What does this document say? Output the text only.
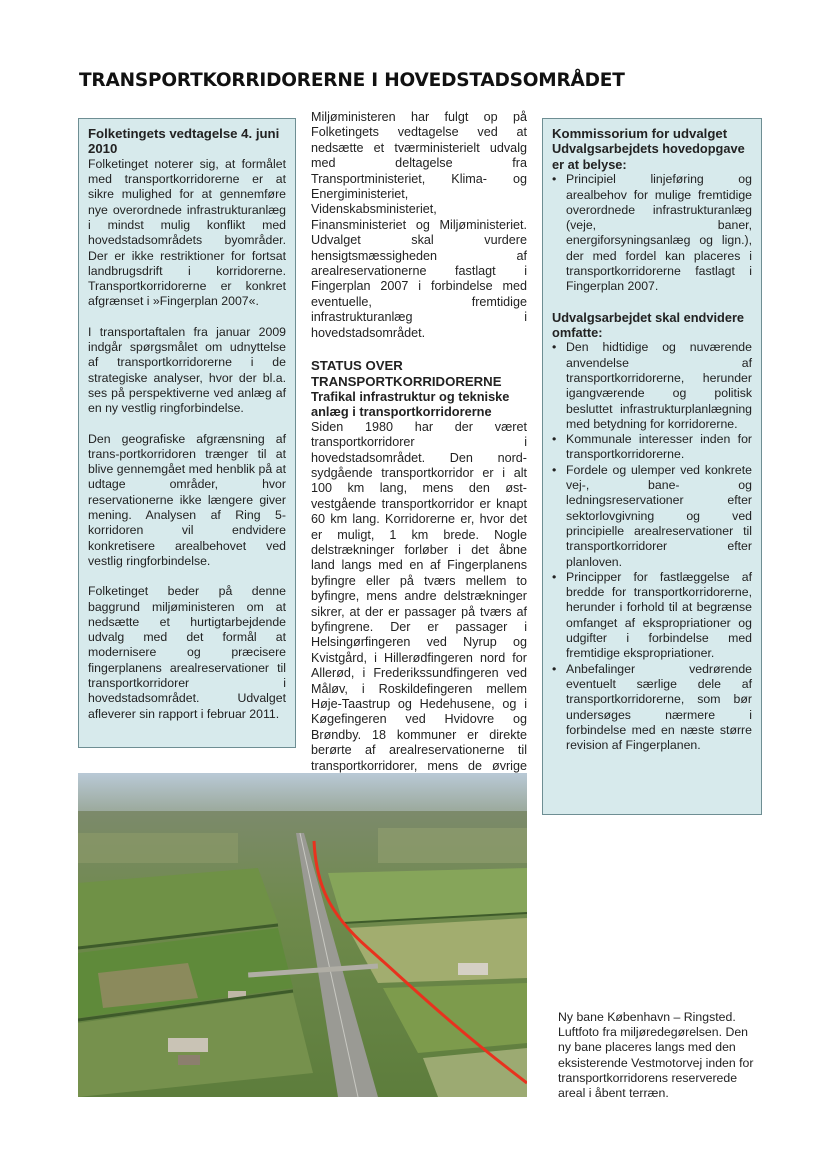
TRANSPORTKORRIDORERNE I HOVEDSTADSOMRÅDET

Folketingets vedtagelse 4. juni 2010

Folketinget noterer sig, at formålet med transportkorridorerne er at sikre mulighed for at gennemføre nye overordnede infrastrukturanlæg i mindst mulig konflikt med hovedstadsområdets byområder. Der er ikke restriktioner for fortsat landbrugsdrift i korridorerne. Transportkorridorerne er konkret afgrænset i »Fingerplan 2007«.

I transportaftalen fra januar 2009 indgår spørgsmålet om udnyttelse af transportkorridorerne i de strategiske analyser, hvor der bl.a. ses på perspektiverne ved anlæg af en ny vestlig ringforbindelse.

Den geografiske afgrænsning af trans-portkorridoren trænger til at blive gennemgået med henblik på at udtage områder, hvor reservationerne ikke længere giver mening. Analysen af Ring 5-korridoren vil endvidere konkretisere arealbehovet ved vestlig ringforbindelse.

Folketinget beder på denne baggrund miljøministeren om at nedsætte et hurtigtarbejdende udvalg med det formål at modernisere og præcisere fingerplanens arealreservationer til transportkorridorer i hovedstadsområdet. Udvalget afleverer sin rapport i februar 2011.

Miljøministeren har fulgt op på Folketingets vedtagelse ved at nedsætte et tværministerielt udvalg med deltagelse fra Transportministeriet, Klima- og Energiministeriet, Videnskabsministeriet, Finansministeriet og Miljøministeriet. Udvalget skal vurdere hensigtsmæssigheden af arealreservationerne fastlagt i Fingerplan 2007 i forbindelse med eventuelle, fremtidige infrastrukturanlæg i hovedstadsområdet.

STATUS OVER TRANSPORTKORRIDORERNE

Trafikal infrastruktur og tekniske anlæg i transportkorridorerne

Siden 1980 har der været transportkorridorer i hovedstadsområdet. Den nord-sydgående transportkorridor er i alt 100 km lang, mens den øst-vestgående transportkorridor er knapt 60 km lang. Korridorerne er, hvor det er muligt, 1 km brede. Nogle delstrækninger forløber i det åbne land langs med en af Fingerplanens byfingre eller på tværs mellem to byfingre, mens andre delstrækninger sikrer, at der er passager på tværs af byfingrene. Der er passager i Helsingørfingeren ved Nyrup og Kvistgård, i Hillerødfingeren nord for Allerød, i Frederikssundfingeren ved Måløv, i Roskildefingeren mellem Høje-Taastrup og Hedehusene, og i Køgefingeren ved Hvidovre og Brøndby. 18 kommuner er direkte berørte af arealreservationerne til transportkorridorer, mens de øvrige

Kommissorium for udvalget

Udvalgsarbejdets hovedopgave er at belyse:

• Principiel linjeføring og arealbehov for mulige fremtidige overordnede infrastrukturanlæg (veje, baner, energiforsyningsanlæg og lign.), der med fordel kan placeres i transportkorridorerne fastlagt i Fingerplan 2007.

Udvalgsarbejdet skal endvidere omfatte:

• Den hidtidige og nuværende anvendelse af transportkorridorerne, herunder igangværende og politisk besluttet infrastrukturplanlægning med betydning for korridorerne.
• Kommunale interesser inden for transportkorridorerne.
• Fordele og ulemper ved konkrete vej-, bane- og ledningsreservationer efter sektorlovgivning og ved principielle arealreservationer til transportkorridorer efter planloven.
• Principper for fastlæggelse af bredde for transportkorridorerne, herunder i forhold til at begrænse omfanget af ekspropriationer og udgifter i forbindelse med fremtidige ekspropriationer.
• Anbefalinger vedrørende eventuelt særlige dele af transportkorridorerne, som bør undersøges nærmere i forbindelse med en næste større revision af Fingerplanen.
Ny bane København – Ringsted. Luftfoto fra miljøredegørelsen. Den ny bane placeres langs med den eksisterende Vestmotorvej inden for transportkorridorens reserverede areal i åbent terræn.
